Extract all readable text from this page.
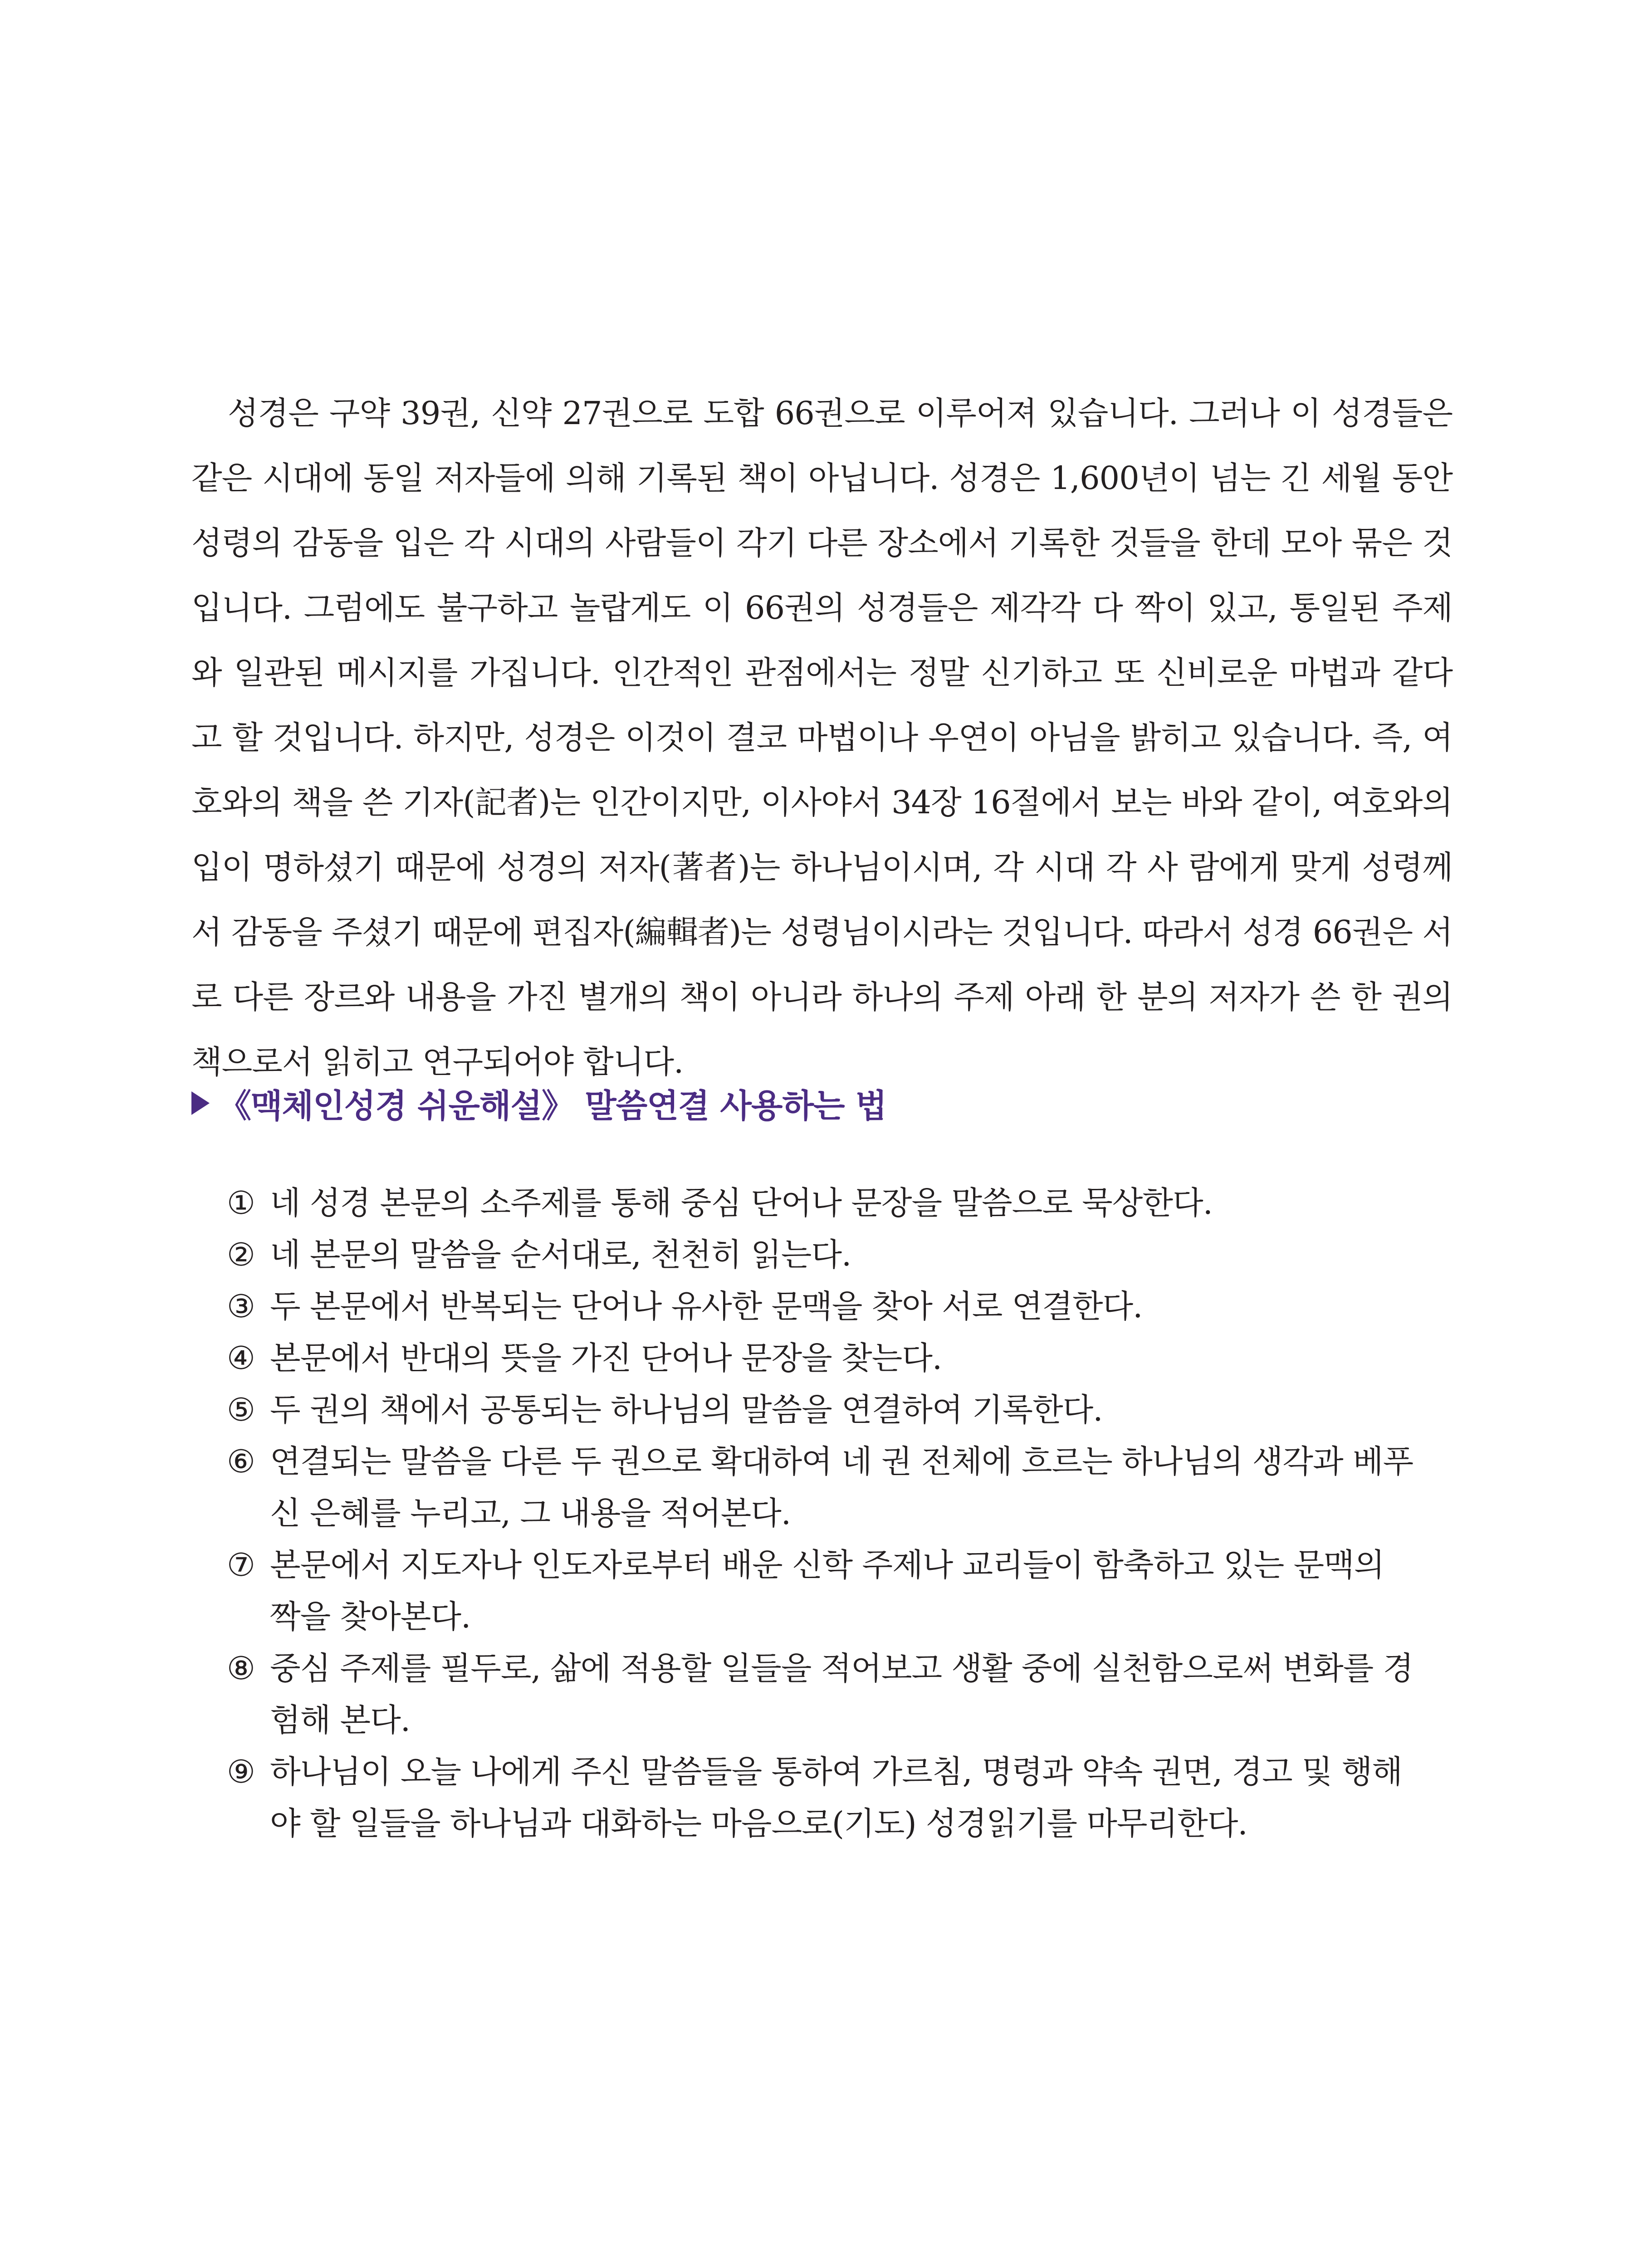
성경은 구약 39권, 신약 27권으로 도합 66권으로 이루어져 있습니다. 그러나 이 성경들은 같은 시대에 동일 저자들에 의해 기록된 책이 아닙니다. 성경은 1,600년이 넘는 긴 세월 동안 성령의 감동을 입은 각 시대의 사람들이 각기 다른 장소에서 기록한 것들을 한데 모아 묶은 것입니다. 그럼에도 불구하고 놀랍게도 이 66권의 성경들은 제각각 다 짝이 있고, 통일된 주제와 일관된 메시지를 가집니다. 인간적인 관점에서는 정말 신기하고 또 신비로운 마법과 같다고 할 것입니다. 하지만, 성경은 이것이 결코 마법이나 우연이 아님을 밝히고 있습니다. 즉, 여호와의 책을 쓴 기자(記者)는 인간이지만, 이사야서 34장 16절에서 보는 바와 같이, 여호와의 입이 명하셨기 때문에 성경의 저자(著者)는 하나님이시며, 각 시대 각 사 람에게 맞게 성령께서 감동을 주셨기 때문에 편집자(編輯者)는 성령님이시라는 것입니다. 따라서 성경 66권은 서로 다른 장르와 내용을 가진 별개의 책이 아니라 하나의 주제 아래 한 분의 저자가 쓴 한 권의 책으로서 읽히고 연구되어야 합니다.

《맥체인성경 쉬운해설》 말씀연결 사용하는 법
① 네 성경 본문의 소주제를 통해 중심 단어나 문장을 말씀으로 묵상한다.
② 네 본문의 말씀을 순서대로, 천천히 읽는다.
③ 두 본문에서 반복되는 단어나 유사한 문맥을 찾아 서로 연결한다.
④ 본문에서 반대의 뜻을 가진 단어나 문장을 찾는다.
⑤ 두 권의 책에서 공통되는 하나님의 말씀을 연결하여 기록한다.
⑥ 연결되는 말씀을 다른 두 권으로 확대하여 네 권 전체에 흐르는 하나님의 생각과 베푸신 은혜를 누리고, 그 내용을 적어본다.
⑦ 본문에서 지도자나 인도자로부터 배운 신학 주제나 교리들이 함축하고 있는 문맥의 짝을 찾아본다.
⑧ 중심 주제를 필두로, 삶에 적용할 일들을 적어보고 생활 중에 실천함으로써 변화를 경험해 본다.
⑨ 하나님이 오늘 나에게 주신 말씀들을 통하여 가르침, 명령과 약속 권면, 경고 및 행해야 할 일들을 하나님과 대화하는 마음으로(기도) 성경읽기를 마무리한다.
